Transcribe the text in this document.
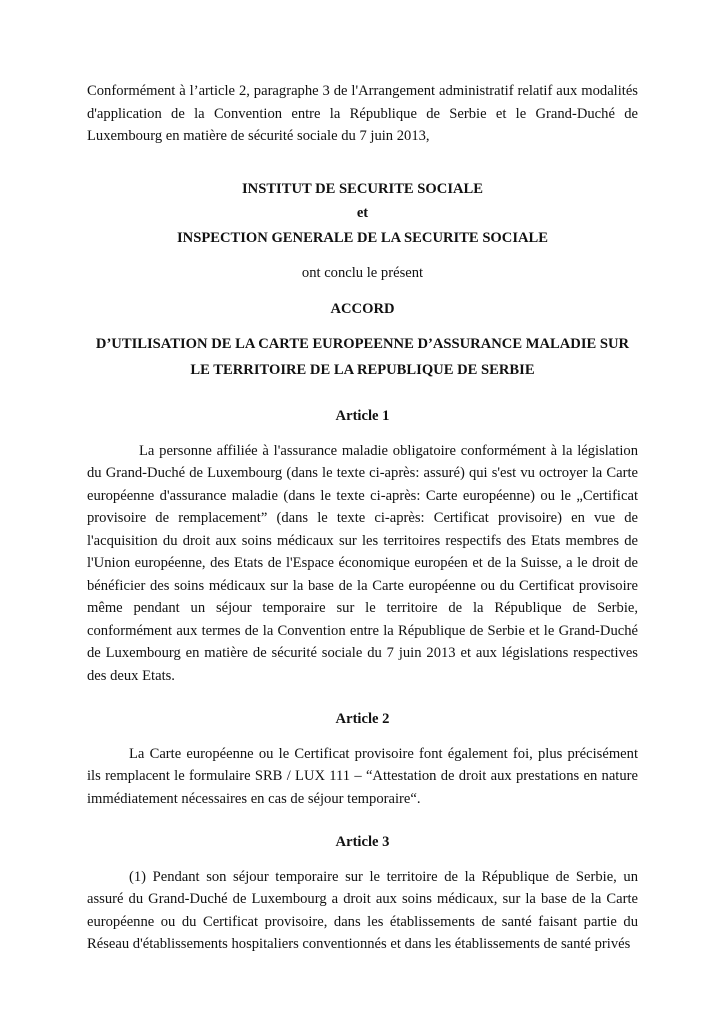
Conformément à l’article 2, paragraphe 3 de l'Arrangement administratif relatif aux modalités d'application de la Convention entre la République de Serbie et le Grand-Duché de Luxembourg en matière de sécurité sociale du 7 juin 2013,

INSTITUT DE SECURITE SOCIALE

et

INSPECTION GENERALE DE LA SECURITE SOCIALE

ont conclu le présent

ACCORD

D’UTILISATION DE LA CARTE EUROPEENNE D’ASSURANCE MALADIE SUR
LE TERRITOIRE DE LA REPUBLIQUE DE SERBIE

Article 1

La personne affiliée à l'assurance maladie obligatoire conformément à la législation du Grand-Duché de Luxembourg (dans le texte ci-après: assuré) qui s'est vu octroyer la Carte européenne d'assurance maladie (dans le texte ci-après: Carte européenne) ou le „Certificat provisoire de remplacement” (dans le texte ci-après: Certificat provisoire) en vue de l'acquisition du droit aux soins médicaux sur les territoires respectifs des Etats membres de l'Union européenne, des Etats de l'Espace économique européen et de la Suisse, a le droit de bénéficier des soins médicaux sur la base de la Carte européenne ou du Certificat provisoire même pendant un séjour temporaire sur le territoire de la République de Serbie, conformément aux termes de la Convention entre la République de Serbie et le Grand-Duché de Luxembourg en matière de sécurité sociale du 7 juin 2013 et aux législations respectives des deux Etats.

Article 2

La Carte européenne ou le Certificat provisoire font également foi, plus précisément ils remplacent le formulaire SRB / LUX 111 – “Attestation de droit aux prestations en nature immédiatement nécessaires en cas de séjour temporaire“.

Article 3

(1) Pendant son séjour temporaire sur le territoire de la République de Serbie, un assuré du Grand-Duché de Luxembourg a droit aux soins médicaux, sur la base de la Carte européenne ou du Certificat provisoire, dans les établissements de santé faisant partie du Réseau d'établissements hospitaliers conventionnés et dans les établissements de santé privés
